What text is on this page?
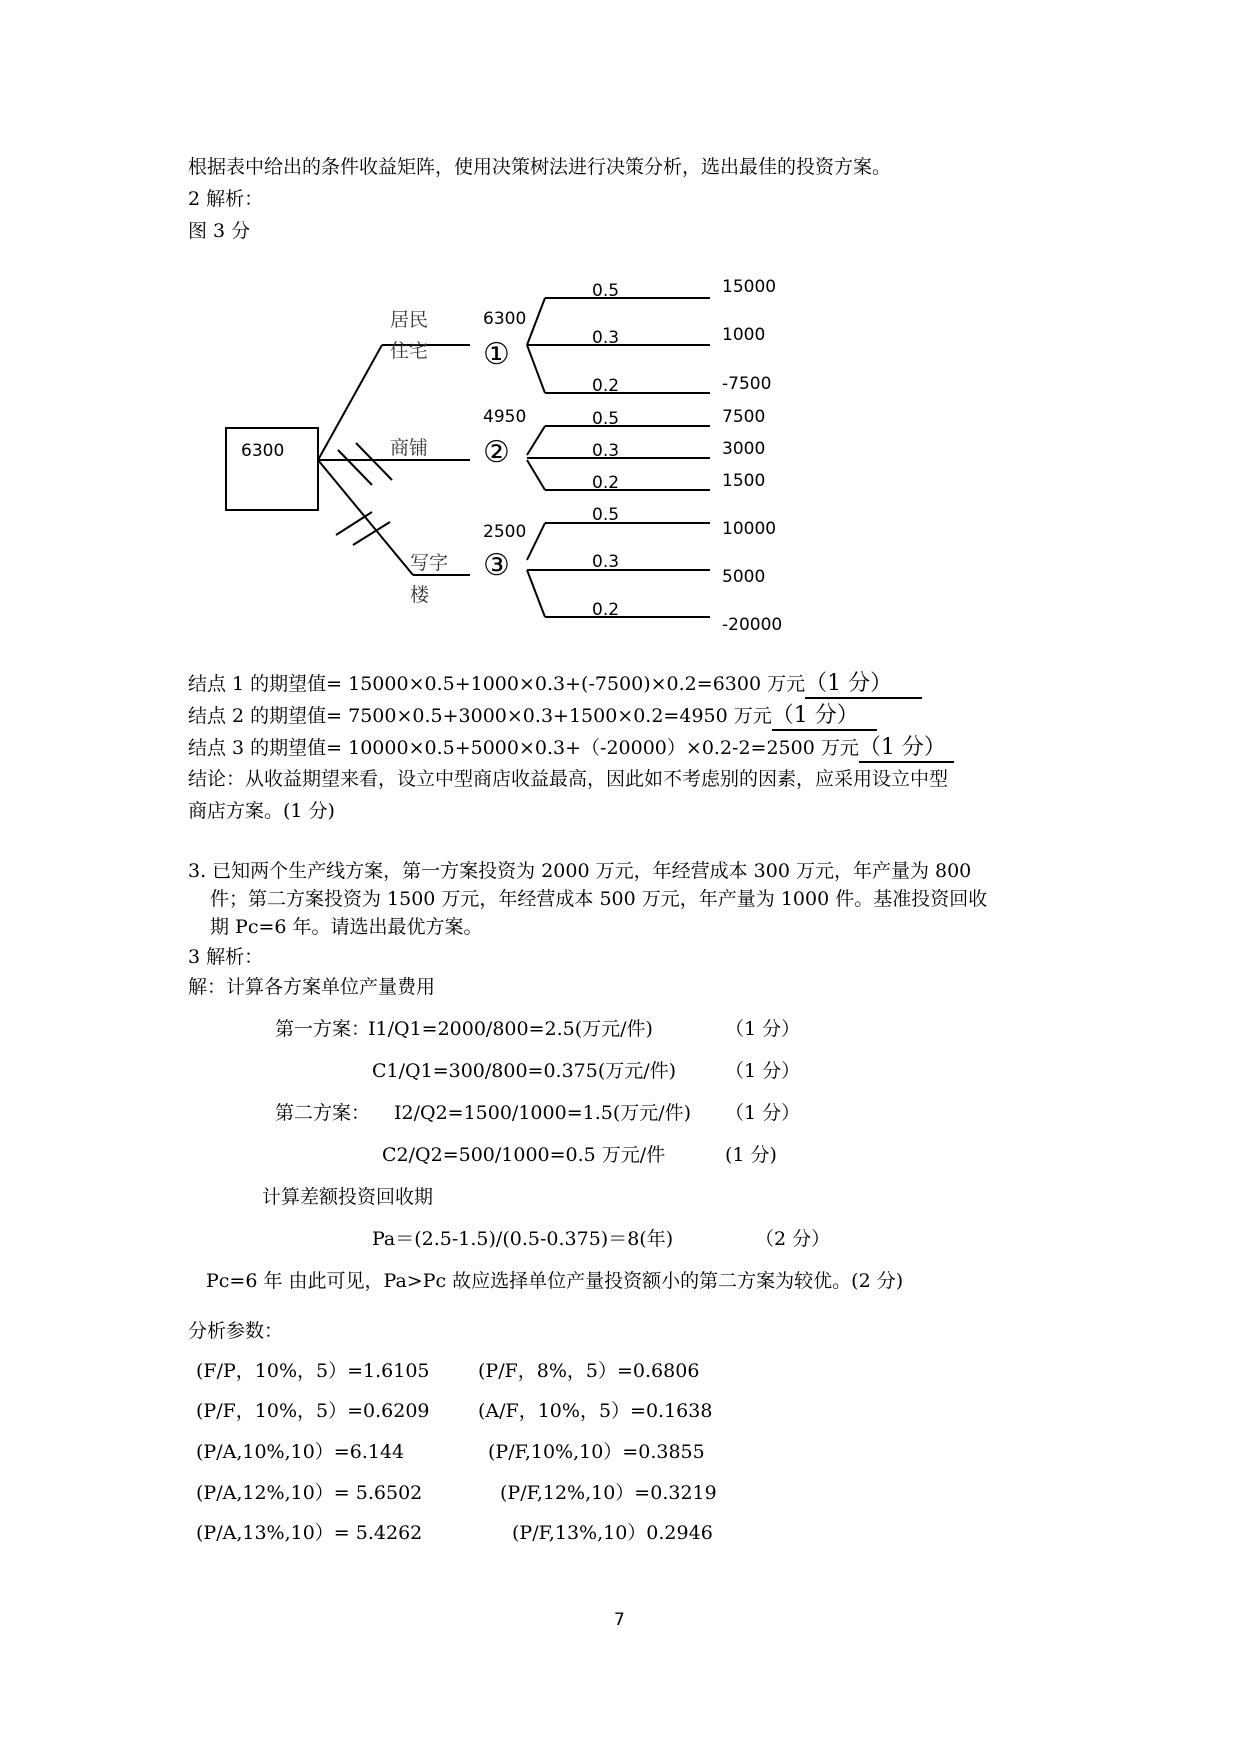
根据表中给出的条件收益矩阵，使用决策树法进行决策分析，选出最佳的投资方案。
2 解析：
图 3 分
6300
居民
住宅
商铺
写字
楼
6300
4950
2500
①
②
③
0.5
0.3
0.2
0.5
0.3
0.2
0.5
0.3
0.2
15000
1000
-7500
7500
3000
1500
10000
5000
-20000
结点 1 的期望值= 15000×0.5+1000×0.3+(-7500)×0.2=6300 万元（1 分）
结点 2 的期望值= 7500×0.5+3000×0.3+1500×0.2=4950 万元（1 分）
结点 3 的期望值= 10000×0.5+5000×0.3+（-20000）×0.2-2=2500 万元（1 分）
结论：从收益期望来看，设立中型商店收益最高，因此如不考虑别的因素，应采用设立中型
商店方案。(1 分)
3. 已知两个生产线方案，第一方案投资为 2000 万元，年经营成本 300 万元，年产量为 800
件；第二方案投资为 1500 万元，年经营成本 500 万元，年产量为 1000 件。基准投资回收
期 Pc=6 年。请选出最优方案。
3 解析：
解：计算各方案单位产量费用
第一方案：
I1/Q1=2000/800=2.5(万元/件)	（1 分）
C1/Q1=300/800=0.375(万元/件)	（1 分）
第二方案： I2/Q2=1500/1000=1.5(万元/件) （1 分）
C2/Q2=500/1000=0.5 万元/件	(1 分)
计算差额投资回收期
Pa＝(2.5-1.5)/(0.5-0.375)＝8(年)	（2 分）
Pc=6 年 由此可见，Pa>Pc 故应选择单位产量投资额小的第二方案为较优。(2 分)
分析参数：
(F/P，10%，5）=1.6105	(P/F，8%，5）=0.6806
(P/F，10%，5）=0.6209	(A/F，10%，5）=0.1638
(P/A,10%,10）=6.144	(P/F,10%,10）=0.3855
(P/A,12%,10）= 5.6502	(P/F,12%,10）=0.3219
(P/A,13%,10）= 5.4262	(P/F,13%,10）0.2946
7
